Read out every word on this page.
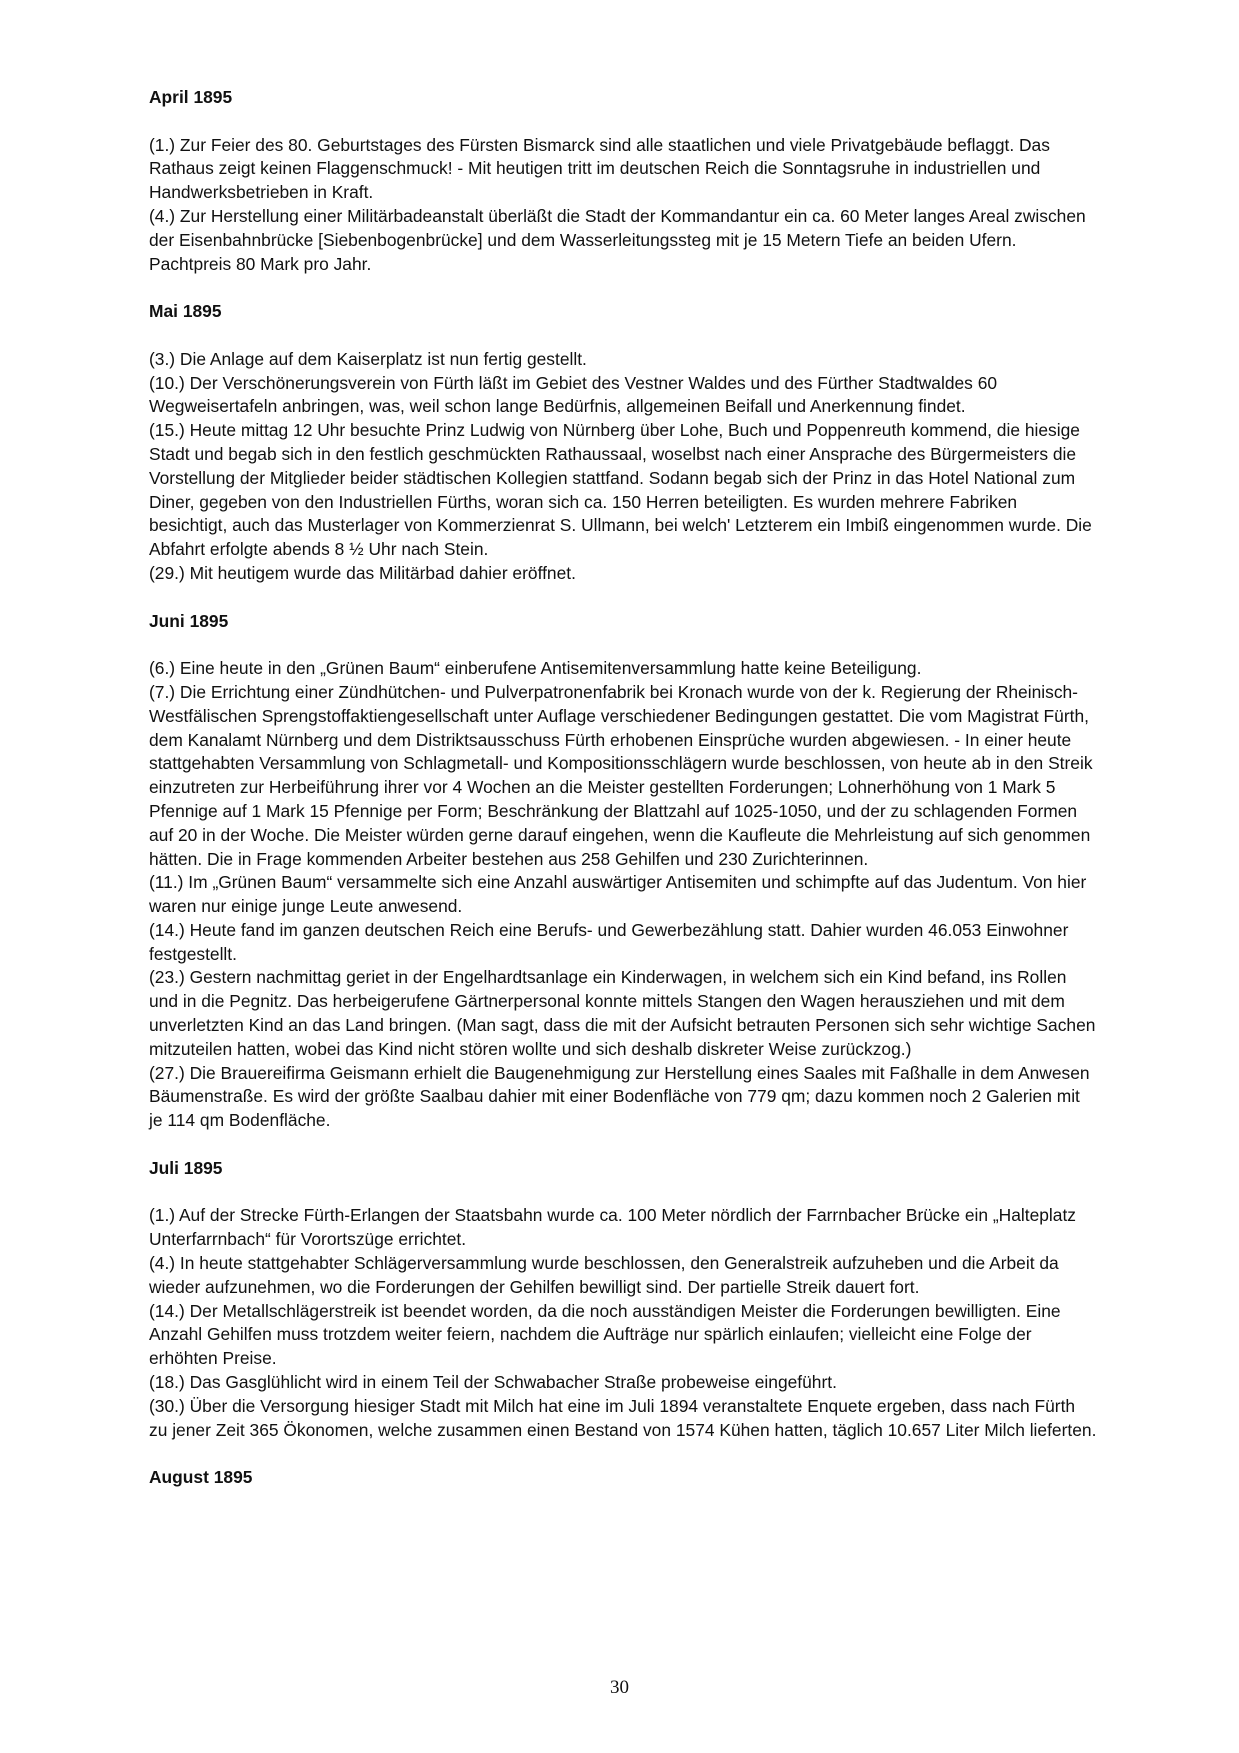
April 1895

(1.) Zur Feier des 80. Geburtstages des Fürsten Bismarck sind alle staatlichen und viele Privatgebäude beflaggt. Das Rathaus zeigt keinen Flaggenschmuck! - Mit heutigen tritt im deutschen Reich die Sonntagsruhe in industriellen und Handwerksbetrieben in Kraft.

(4.) Zur Herstellung einer Militärbadeanstalt überläßt die Stadt der Kommandantur ein ca. 60 Meter langes Areal zwischen der Eisenbahnbrücke [Siebenbogenbrücke] und dem Wasserleitungssteg mit je 15 Metern Tiefe an beiden Ufern. Pachtpreis 80 Mark pro Jahr.

Mai 1895

(3.) Die Anlage auf dem Kaiserplatz ist nun fertig gestellt.

(10.) Der Verschönerungsverein von Fürth läßt im Gebiet des Vestner Waldes und des Fürther Stadtwaldes 60 Wegweisertafeln anbringen, was, weil schon lange Bedürfnis, allgemeinen Beifall und Anerkennung findet.

(15.) Heute mittag 12 Uhr besuchte Prinz Ludwig von Nürnberg über Lohe, Buch und Poppenreuth kommend, die hiesige Stadt und begab sich in den festlich geschmückten Rathaussaal, woselbst nach einer Ansprache des Bürgermeisters die Vorstellung der Mitglieder beider städtischen Kollegien stattfand. Sodann begab sich der Prinz in das Hotel National zum Diner, gegeben von den Industriellen Fürths, woran sich ca. 150 Herren beteiligten. Es wurden mehrere Fabriken besichtigt, auch das Musterlager von Kommerzienrat S. Ullmann, bei welch' Letzterem ein Imbiß eingenommen wurde. Die Abfahrt erfolgte abends 8 ½ Uhr nach Stein.

(29.) Mit heutigem wurde das Militärbad dahier eröffnet.

Juni 1895

(6.) Eine heute in den „Grünen Baum“ einberufene Antisemitenversammlung hatte keine Beteiligung.

(7.) Die Errichtung einer Zündhütchen- und Pulverpatronenfabrik bei Kronach wurde von der k. Regierung der Rheinisch-Westfälischen Sprengstoffaktiengesellschaft unter Auflage verschiedener Bedingungen gestattet. Die vom Magistrat Fürth, dem Kanalamt Nürnberg und dem Distriktsausschuss Fürth erhobenen Einsprüche wurden abgewiesen. - In einer heute stattgehabten Versammlung von Schlagmetall- und Kompositionsschlägern wurde beschlossen, von heute ab in den Streik einzutreten zur Herbeiführung ihrer vor 4 Wochen an die Meister gestellten Forderungen; Lohnerhöhung von 1 Mark 5 Pfennige auf 1 Mark 15 Pfennige per Form; Beschränkung der Blattzahl auf 1025-1050, und der zu schlagenden Formen auf 20 in der Woche. Die Meister würden gerne darauf eingehen, wenn die Kaufleute die Mehrleistung auf sich genommen hätten. Die in Frage kommenden Arbeiter bestehen aus 258 Gehilfen und 230 Zurichterinnen.

(11.) Im „Grünen Baum“ versammelte sich eine Anzahl auswärtiger Antisemiten und schimpfte auf das Judentum. Von hier waren nur einige junge Leute anwesend.

(14.) Heute fand im ganzen deutschen Reich eine Berufs- und Gewerbezählung statt. Dahier wurden 46.053 Einwohner festgestellt.

(23.) Gestern nachmittag geriet in der Engelhardtsanlage ein Kinderwagen, in welchem sich ein Kind befand, ins Rollen und in die Pegnitz. Das herbeigerufene Gärtnerpersonal konnte mittels Stangen den Wagen herausziehen und mit dem unverletzten Kind an das Land bringen. (Man sagt, dass die mit der Aufsicht betrauten Personen sich sehr wichtige Sachen mitzuteilen hatten, wobei das Kind nicht stören wollte und sich deshalb diskreter Weise zurückzog.)

(27.) Die Brauereifirma Geismann erhielt die Baugenehmigung zur Herstellung eines Saales mit Faßhalle in dem Anwesen Bäumenstraße. Es wird der größte Saalbau dahier mit einer Bodenfläche von 779 qm; dazu kommen noch 2 Galerien mit je 114 qm Bodenfläche.

Juli 1895

(1.) Auf der Strecke Fürth-Erlangen der Staatsbahn wurde ca. 100 Meter nördlich der Farrnbacher Brücke ein „Halteplatz Unterfarrnbach“ für Vorortszüge errichtet.

(4.) In heute stattgehabter Schlägerversammlung wurde beschlossen, den Generalstreik aufzuheben und die Arbeit da wieder aufzunehmen, wo die Forderungen der Gehilfen bewilligt sind. Der partielle Streik dauert fort.

(14.) Der Metallschlägerstreik ist beendet worden, da die noch ausständigen Meister die Forderungen bewilligten. Eine Anzahl Gehilfen muss trotzdem weiter feiern, nachdem die Aufträge nur spärlich einlaufen; vielleicht eine Folge der erhöhten Preise.

(18.) Das Gasglühlicht wird in einem Teil der Schwabacher Straße probeweise eingeführt.

(30.) Über die Versorgung hiesiger Stadt mit Milch hat eine im Juli 1894 veranstaltete Enquete ergeben, dass nach Fürth zu jener Zeit 365 Ökonomen, welche zusammen einen Bestand von 1574 Kühen hatten, täglich 10.657 Liter Milch lieferten.

August 1895
30
